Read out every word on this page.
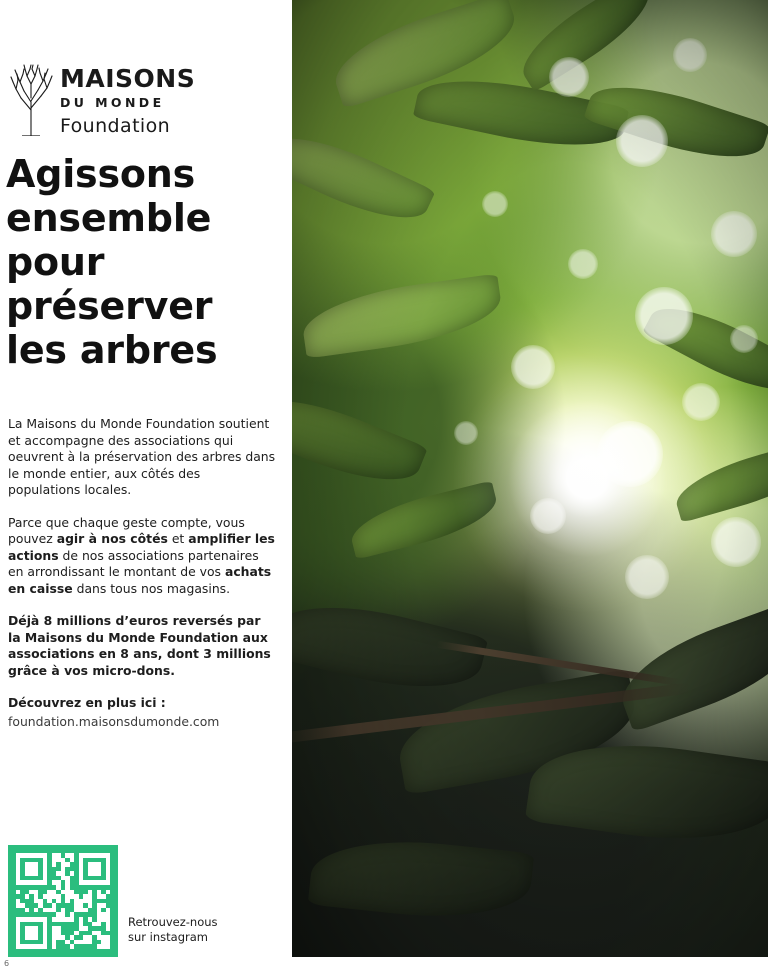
MAISONS
DU MONDE
Foundation
Agissons ensemble pour préserver les arbres

La Maisons du Monde Foundation soutient et accompagne des associations qui oeuvrent à la préservation des arbres dans le monde entier, aux côtés des populations locales.

Parce que chaque geste compte, vous pouvez agir à nos côtés et amplifier les actions de nos associations partenaires en arrondissant le montant de vos achats en caisse dans tous nos magasins.

Déjà 8 millions d’euros reversés par la Maisons du Monde Foundation aux associations en 8 ans, dont 3 millions grâce à vos micro-dons.

Découvrez en plus ici :

foundation.maisonsdumonde.com

Retrouvez-nous
sur instagram
6
